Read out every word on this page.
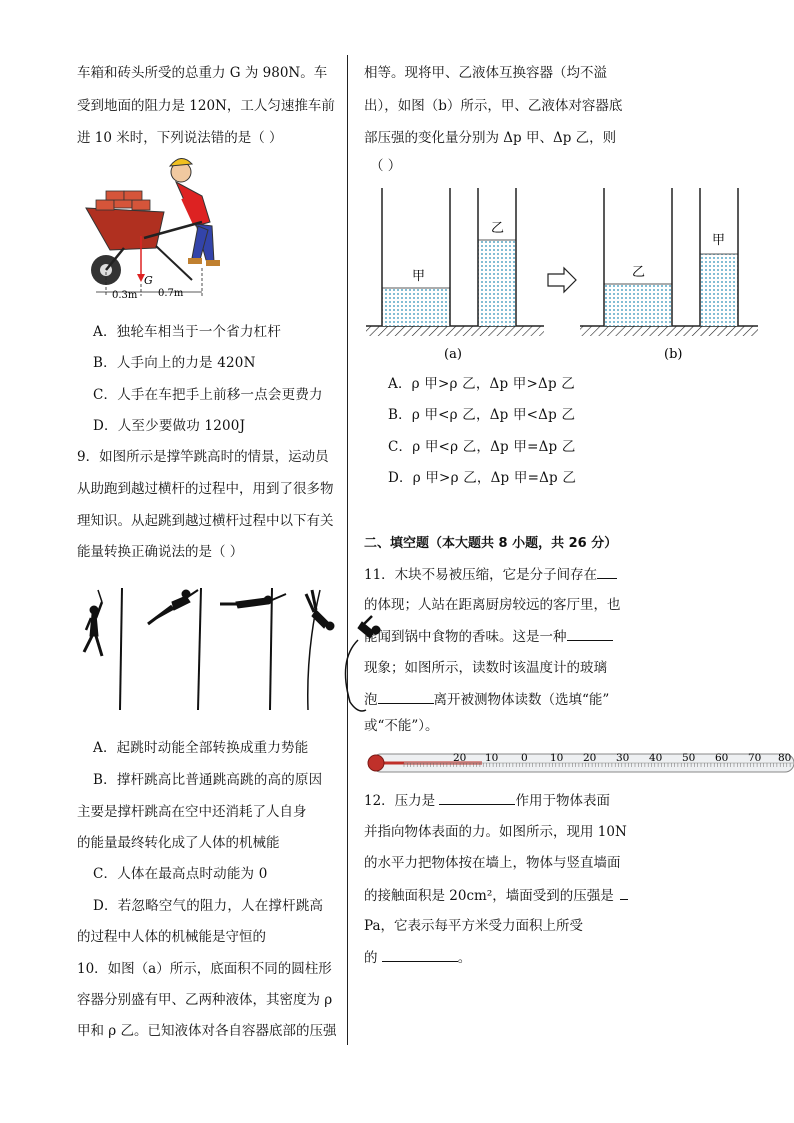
车箱和砖头所受的总重力 G 为 980N。车
受到地面的阻力是 120N，工人匀速推车前
进 10 米时，下列说法错的是（ ）
G
0.3m 0.7m
A．独轮车相当于一个省力杠杆
B．人手向上的力是 420N
C．人手在车把手上前移一点会更费力
D．人至少要做功 1200J
9．如图所示是撑竿跳高时的情景，运动员
从助跑到越过横杆的过程中，用到了很多物
理知识。从起跳到越过横杆过程中以下有关
能量转换正确说法的是（ ）
A．起跳时动能全部转换成重力势能
B．撑杆跳高比普通跳高跳的高的原因
主要是撑杆跳高在空中还消耗了人自身
的能量最终转化成了人体的机械能
C．人体在最高点时动能为 0
D．若忽略空气的阻力，人在撑杆跳高
的过程中人体的机械能是守恒的
10．如图（a）所示，底面积不同的圆柱形
容器分别盛有甲、乙两种液体，其密度为 ρ
甲和 ρ 乙。已知液体对各自容器底部的压强
相等。现将甲、乙液体互换容器（均不溢
出），如图（b）所示，甲、乙液体对容器底
部压强的变化量分别为 Δp 甲、Δp 乙，则
（ ）
甲
乙
(a)
乙
甲
(b)
A．ρ 甲>ρ 乙，Δp 甲>Δp 乙
B．ρ 甲<ρ 乙，Δp 甲<Δp 乙
C．ρ 甲<ρ 乙，Δp 甲=Δp 乙
D．ρ 甲>ρ 乙，Δp 甲=Δp 乙
二、填空题（本大题共 8 小题，共 26 分）
11．木块不易被压缩，它是分子间存在
的体现；人站在距离厨房较远的客厅里，也
能闻到锅中食物的香味。这是一种
现象；如图所示，读数时该温度计的玻璃
泡	离开被测物体读数（选填“能”
或“不能”）。
20 10 0 10 20 30 40 50 60 70 80
12．压力是	作用于物体表面
并指向物体表面的力。如图所示，现用 10N
的水平力把物体按在墙上，物体与竖直墙面
的接触面积是 20cm²，墙面受到的压强是
Pa，它表示每平方米受力面积上所受
的	。
